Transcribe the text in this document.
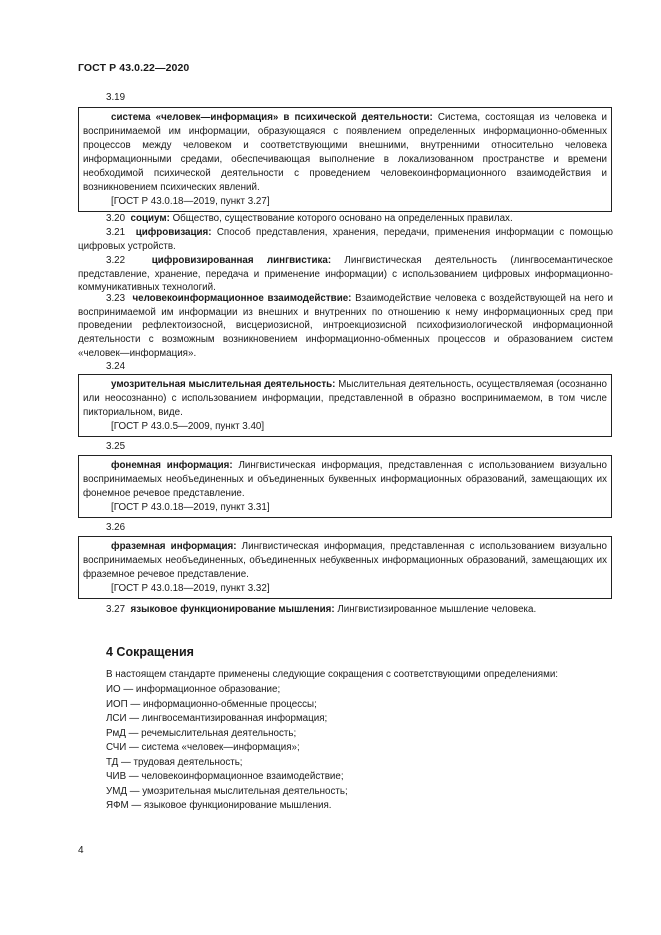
ГОСТ Р 43.0.22—2020
3.19

система «человек—информация» в психической деятельности: Система, состоящая из человека и воспринимаемой им информации, образующаяся с появлением определенных информационно-обменных процессов между человеком и соответствующими внешними, внутренними относительно человека информационными средами, обеспечивающая выполнение в локализованном пространстве и времени необходимой психической деятельности с проведением человекоинформационного взаимодействия и возникновением психических явлений.

[ГОСТ Р 43.0.18—2019, пункт 3.27]

3.20 социум: Общество, существование которого основано на определенных правилах.

3.21 цифровизация: Способ представления, хранения, передачи, применения информации с помощью цифровых устройств.

3.22	цифровизированная лингвистика: Лингвистическая деятельность (лингвосемантическое представление, хранение, передача и применение информации) с использованием цифровых информационно-коммуникативных технологий.

3.23 человекоинформационное взаимодействие: Взаимодействие человека с воздействующей на него и воспринимаемой им информации из внешних и внутренних по отношению к нему информационных сред при проведении рефлектоизосной, висцериозисной, интроекциозисной психофизиологической информационной деятельности с возможным возникновением информационно-обменных процессов и образованием систем «человек—информация».

3.24

умозрительная мыслительная деятельность: Мыслительная деятельность, осуществляемая (осознанно или неосознанно) с использованием информации, представленной в образно воспринимаемом, в том числе пикториальном, виде.

[ГОСТ Р 43.0.5—2009, пункт 3.40]
3.25

фонемная информация: Лингвистическая информация, представленная с использованием визуально воспринимаемых необъединенных и объединенных буквенных информационных образований, замещающих их фонемное речевое представление.

[ГОСТ Р 43.0.18—2019, пункт 3.31]
3.26

фраземная информация: Лингвистическая информация, представленная с использованием визуально воспринимаемых необъединенных, объединенных небуквенных информационных образований, замещающих их фраземное речевое представление.

[ГОСТ Р 43.0.18—2019, пункт 3.32]

3.27 языковое функционирование мышления: Лингвистизированное мышление человека.

4 Сокращения
В настоящем стандарте применены следующие сокращения с соответствующими определениями:
ИО — информационное образование;
ИОП — информационно-обменные процессы;
ЛСИ — лингвосемантизированная информация;
РмД — речемыслительная деятельность;
СЧИ — система «человек—информация»;
ТД — трудовая деятельность;
ЧИВ — человекоинформационное взаимодействие;
УМД — умозрительная мыслительная деятельность;
ЯФМ — языковое функционирование мышления.
4
